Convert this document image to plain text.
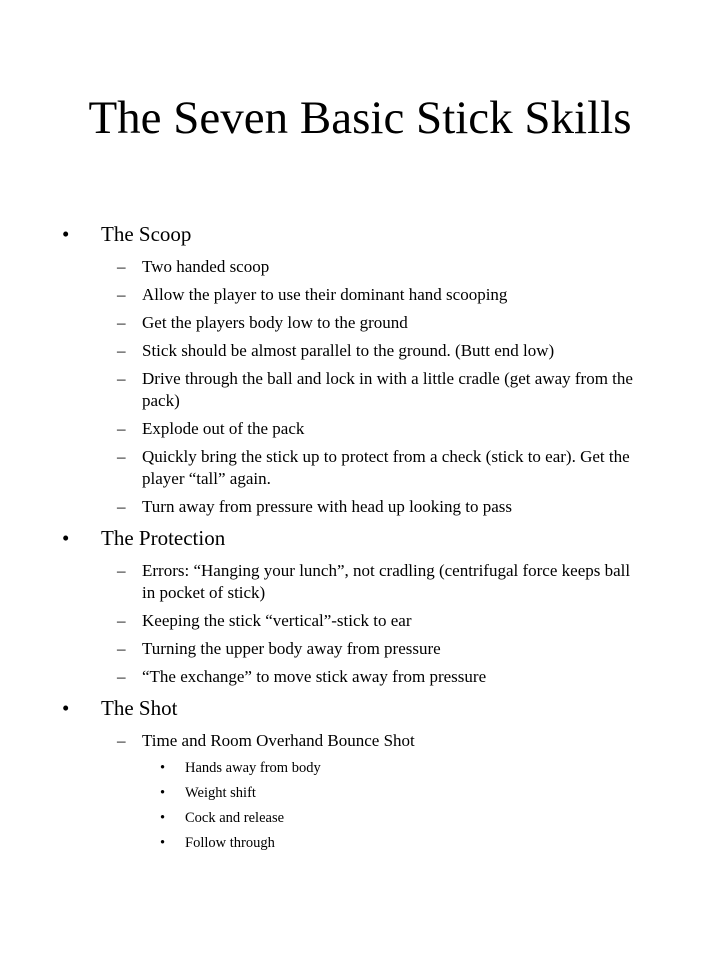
The Seven Basic Stick Skills
• The Scoop
– Two handed scoop
– Allow the player to use their dominant hand scooping
– Get the players body low to the ground
– Stick should be almost parallel to the ground. (Butt end low)
– Drive through the ball and lock in with a little cradle (get away from the pack)
– Explode out of the pack
– Quickly bring the stick up to protect from a check (stick to ear). Get the player “tall” again.
– Turn away from pressure with head up looking to pass
• The Protection
– Errors: “Hanging your lunch”, not cradling (centrifugal force keeps ball in pocket of stick)
– Keeping the stick “vertical”-stick to ear
– Turning the upper body away from pressure
– “The exchange” to move stick away from pressure
• The Shot
– Time and Room Overhand Bounce Shot
• Hands away from body
• Weight shift
• Cock and release
• Follow through
